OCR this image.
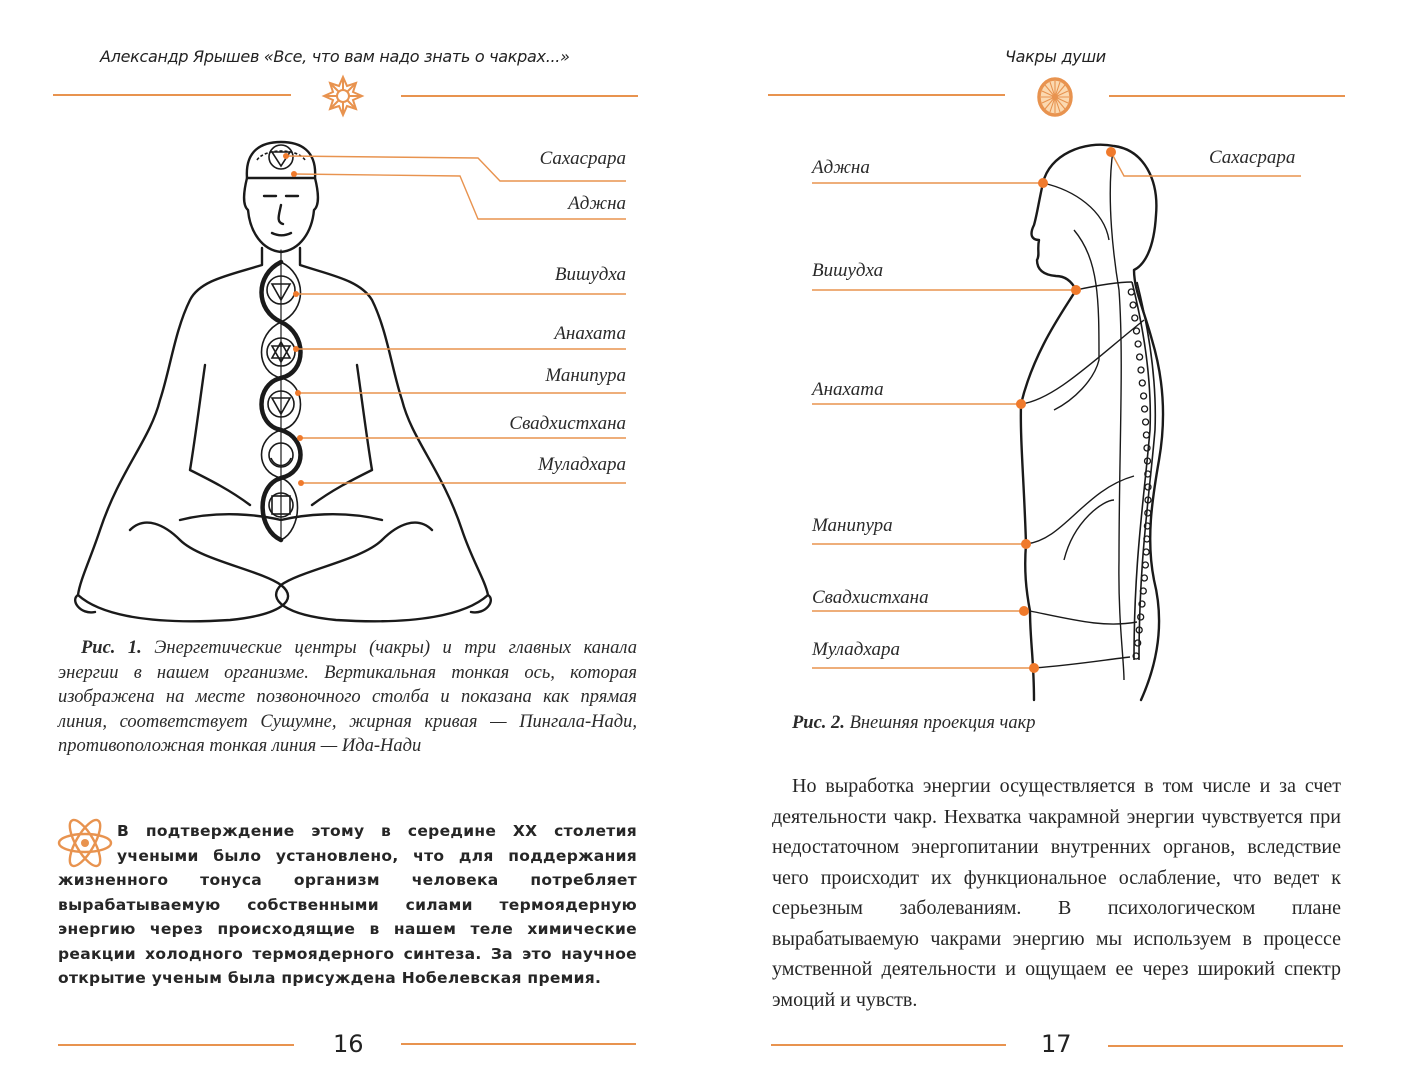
Александр Ярышев «Все, что вам надо знать о чакрах...»
Сахасрара
Аджна
Вишудха
Анахата
Манипура
Свадхистхана
Муладхара
Рис. 1. Энергетические центры (чакры) и три главных канала энергии в нашем организме. Вертикальная тонкая ось, которая изображена на месте позвоночного столба и показана как прямая линия, соответствует Сушумне, жирная кривая — Пингала-Нади, противоположная тонкая линия — Ида-Нади
В подтверждение этому в середине XX столетия учеными было установлено, что для поддержания жизненного тонуса организм человека потребляет вырабатываемую собственными силами термоядерную энергию через происходящие в нашем теле химические реакции холодного термоядерного синтеза. За это научное открытие ученым была присуждена Нобелевская премия.
16
Чакры души
Аджна	Сахасрара
Вишудха
Анахата
Манипура
Свадхистхана
Муладхара
Рис. 2. Внешняя проекция чакр
Но выработка энергии осуществляется в том числе и за счет деятельности чакр. Нехватка чакрамной энергии чувствуется при недостаточном энергопитании внутренних органов, вследствие чего происходит их функциональное ослабление, что ведет к серьезным заболеваниям. В психологическом плане вырабатываемую чакрами энергию мы используем в процессе умственной деятельности и ощущаем ее через широкий спектр эмоций и чувств.
17
